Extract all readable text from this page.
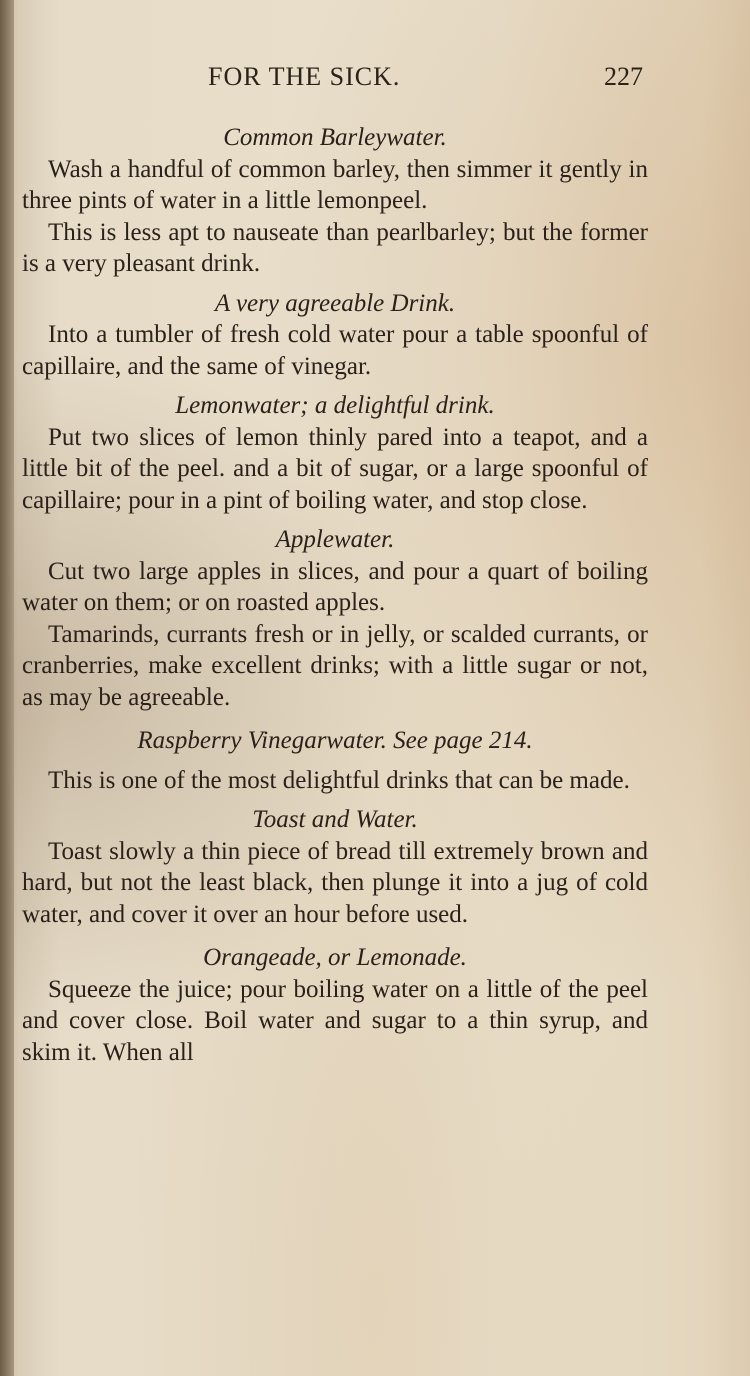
FOR THE SICK.	227

Common Barleywater.

Wash a handful of common barley, then simmer it gently in three pints of water in a little lemonpeel.

This is less apt to nauseate than pearlbarley; but the former is a very pleasant drink.

A very agreeable Drink.

Into a tumbler of fresh cold water pour a table spoonful of capillaire, and the same of vinegar.

Lemonwater; a delightful drink.

Put two slices of lemon thinly pared into a teapot, and a little bit of the peel. and a bit of sugar, or a large spoonful of capillaire; pour in a pint of boiling water, and stop close.

Applewater.

Cut two large apples in slices, and pour a quart of boiling water on them; or on roasted apples.

Tamarinds, currants fresh or in jelly, or scalded currants, or cranberries, make excellent drinks; with a little sugar or not, as may be agreeable.

Raspberry Vinegarwater. See page 214.

This is one of the most delightful drinks that can be made.

Toast and Water.

Toast slowly a thin piece of bread till extremely brown and hard, but not the least black, then plunge it into a jug of cold water, and cover it over an hour before used.

Orangeade, or Lemonade.

Squeeze the juice; pour boiling water on a little of the peel and cover close. Boil water and sugar to a thin syrup, and skim it. When all
